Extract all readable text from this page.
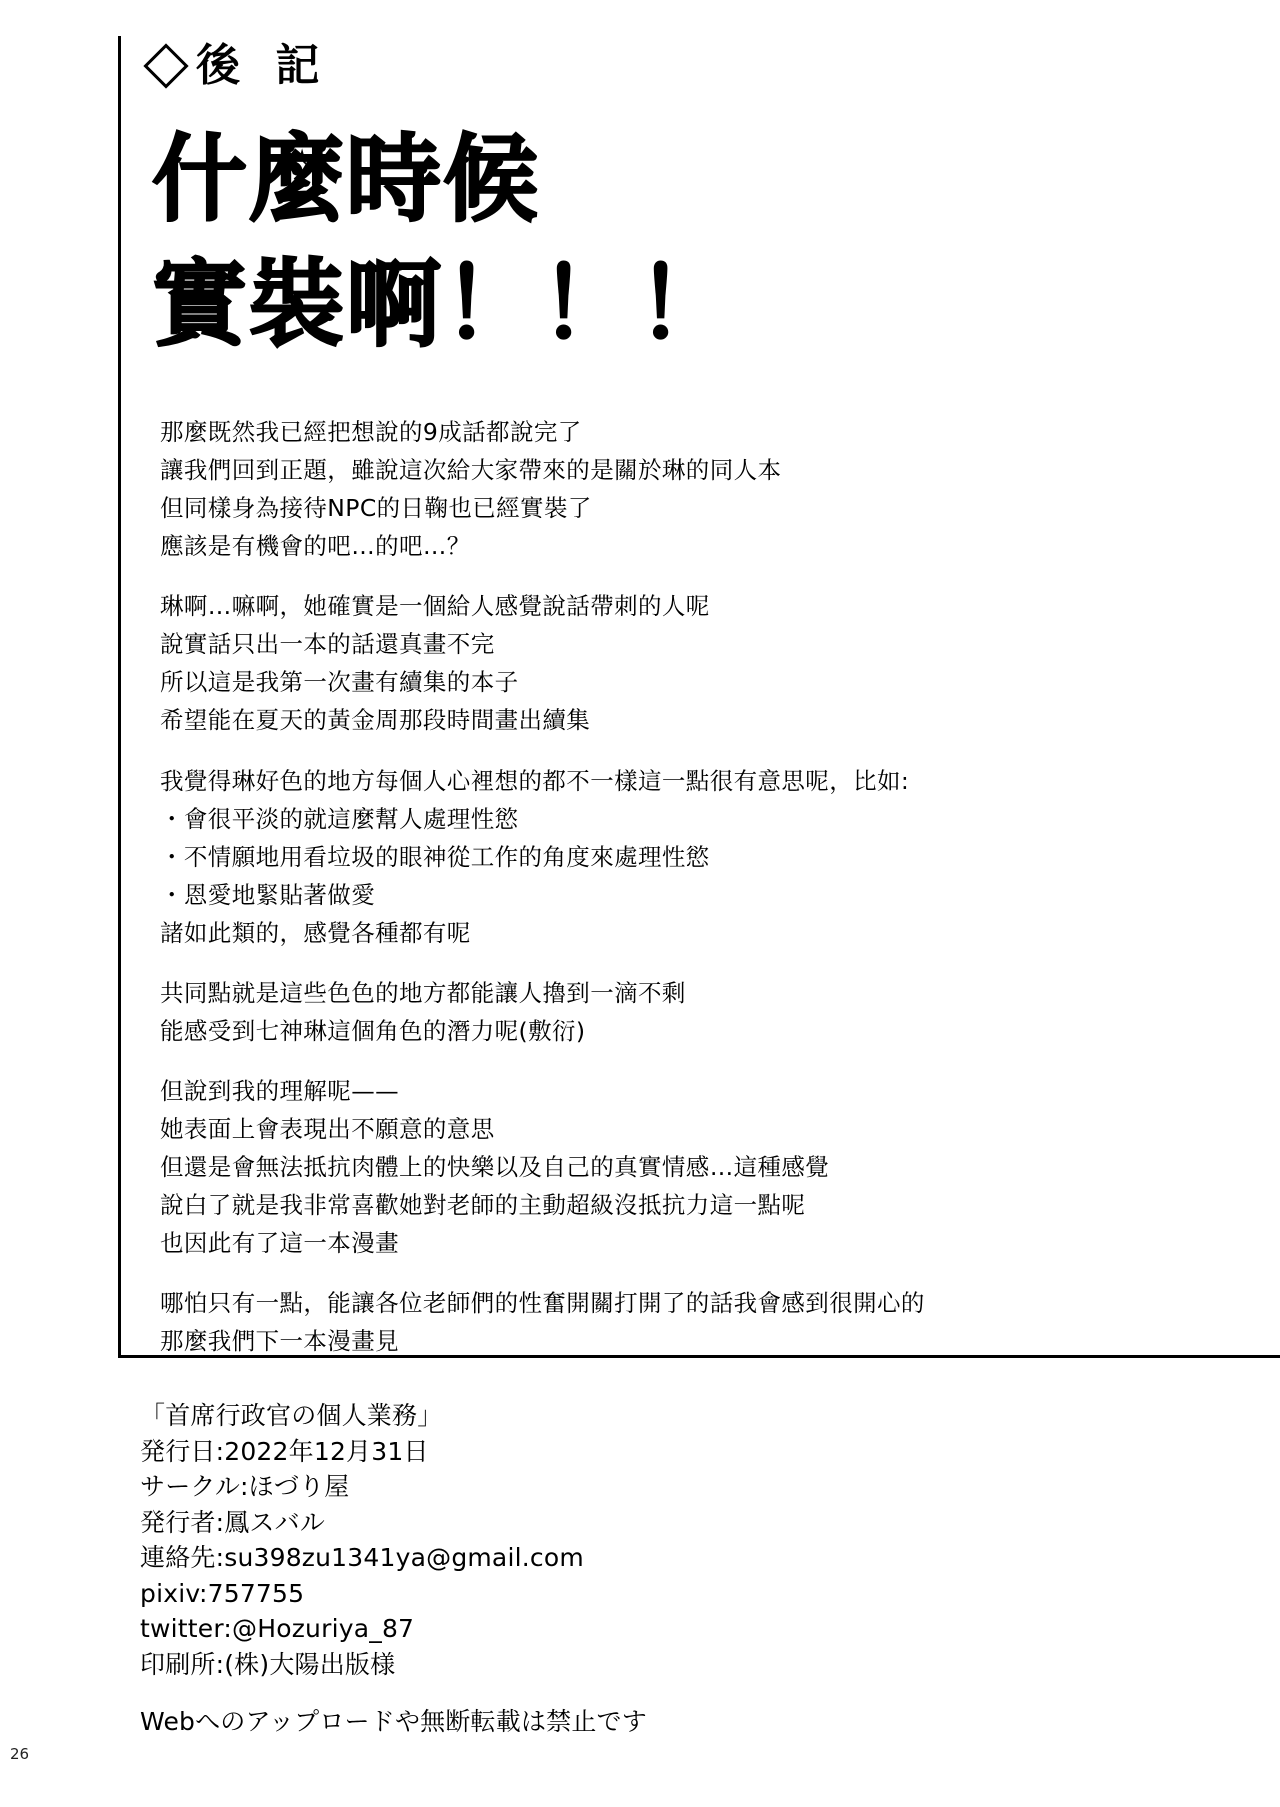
後 記
什麼時候
實裝啊！！！

那麼既然我已經把想說的9成話都說完了
讓我們回到正題，雖說這次給大家帶來的是關於琳的同人本
但同樣身為接待NPC的日鞠也已經實裝了
應該是有機會的吧…的吧…？

琳啊…嘛啊，她確實是一個給人感覺說話帶刺的人呢
說實話只出一本的話還真畫不完
所以這是我第一次畫有續集的本子
希望能在夏天的黃金周那段時間畫出續集

我覺得琳好色的地方每個人心裡想的都不一樣這一點很有意思呢，比如:
・會很平淡的就這麼幫人處理性慾
・不情願地用看垃圾的眼神從工作的角度來處理性慾
・恩愛地緊貼著做愛
諸如此類的，感覺各種都有呢

共同點就是這些色色的地方都能讓人擼到一滴不剩
能感受到七神琳這個角色的潛力呢(敷衍)

但說到我的理解呢——
她表面上會表現出不願意的意思
但還是會無法抵抗肉體上的快樂以及自己的真實情感…這種感覺
說白了就是我非常喜歡她對老師的主動超級沒抵抗力這一點呢
也因此有了這一本漫畫

哪怕只有一點，能讓各位老師們的性奮開關打開了的話我會感到很開心的
那麼我們下一本漫畫見

「首席行政官の個人業務」
発行日:2022年12月31日
サークル:ほづり屋
発行者:鳳スバル
連絡先:su398zu1341ya@gmail.com
pixiv:757755
twitter:@Hozuriya_87
印刷所:(株)大陽出版様
Webへのアップロードや無断転載は禁止です
26
